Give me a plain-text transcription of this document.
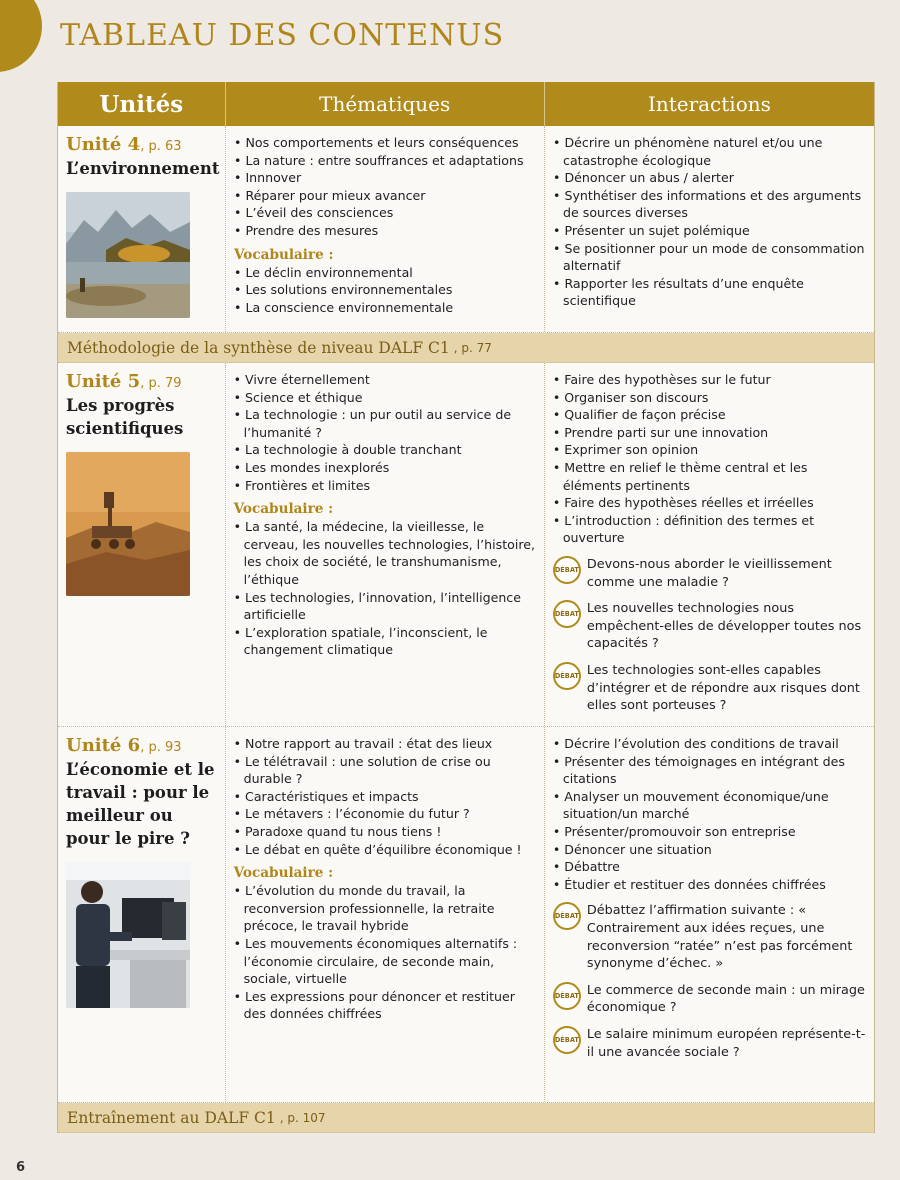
TABLEAU DES CONTENUS
Unités	Thématiques	Interactions
Unité 4, p. 63
L’environnement
• Nos comportements et leurs conséquences
• La nature : entre souffrances et adaptations
• Innnover
• Réparer pour mieux avancer
• L’éveil des consciences
• Prendre des mesures
Vocabulaire :
• Le déclin environnemental
• Les solutions environnementales
• La conscience environnementale
• Décrire un phénomène naturel et/ou une catastrophe écologique
• Dénoncer un abus / alerter
• Synthétiser des informations et des arguments de sources diverses
• Présenter un sujet polémique
• Se positionner pour un mode de consommation alternatif
• Rapporter les résultats d’une enquête scientifique
Méthodologie de la synthèse de niveau DALF C1 , p. 77
Unité 5, p. 79
Les progrès scientifiques
• Vivre éternellement
• Science et éthique
• La technologie : un pur outil au service de l’humanité ?
• La technologie à double tranchant
• Les mondes inexplorés
• Frontières et limites
Vocabulaire :
• La santé, la médecine, la vieillesse, le cerveau, les nouvelles technologies, l’histoire, les choix de société, le transhumanisme, l’éthique
• Les technologies, l’innovation, l’intelligence artificielle
• L’exploration spatiale, l’inconscient, le changement climatique
• Faire des hypothèses sur le futur
• Organiser son discours
• Qualifier de façon précise
• Prendre parti sur une innovation
• Exprimer son opinion
• Mettre en relief le thème central et les éléments pertinents
• Faire des hypothèses réelles et irréelles
• L’introduction : définition des termes et ouverture
DÉBAT Devons-nous aborder le vieillissement comme une maladie ?
DÉBAT Les nouvelles technologies nous empêchent-elles de développer toutes nos capacités ?
DÉBAT Les technologies sont-elles capables d’intégrer et de répondre aux risques dont elles sont porteuses ?
Unité 6, p. 93
L’économie et le travail : pour le meilleur ou pour le pire ?
• Notre rapport au travail : état des lieux
• Le télétravail : une solution de crise ou durable ?
• Caractéristiques et impacts
• Le métavers : l’économie du futur ?
• Paradoxe quand tu nous tiens !
• Le débat en quête d’équilibre économique !
Vocabulaire :
• L’évolution du monde du travail, la reconversion professionnelle, la retraite précoce, le travail hybride
• Les mouvements économiques alternatifs : l’économie circulaire, de seconde main, sociale, virtuelle
• Les expressions pour dénoncer et restituer des données chiffrées
• Décrire l’évolution des conditions de travail
• Présenter des témoignages en intégrant des citations
• Analyser un mouvement économique/une situation/un marché
• Présenter/promouvoir son entreprise
• Dénoncer une situation
• Débattre
• Étudier et restituer des données chiffrées
DÉBAT Débattez l’affirmation suivante : « Contrairement aux idées reçues, une reconversion “ratée” n’est pas forcément synonyme d’échec. »
DÉBAT Le commerce de seconde main : un mirage économique ?
DÉBAT Le salaire minimum européen représente-t-il une avancée sociale ?
Entraînement au DALF C1 , p. 107
6
